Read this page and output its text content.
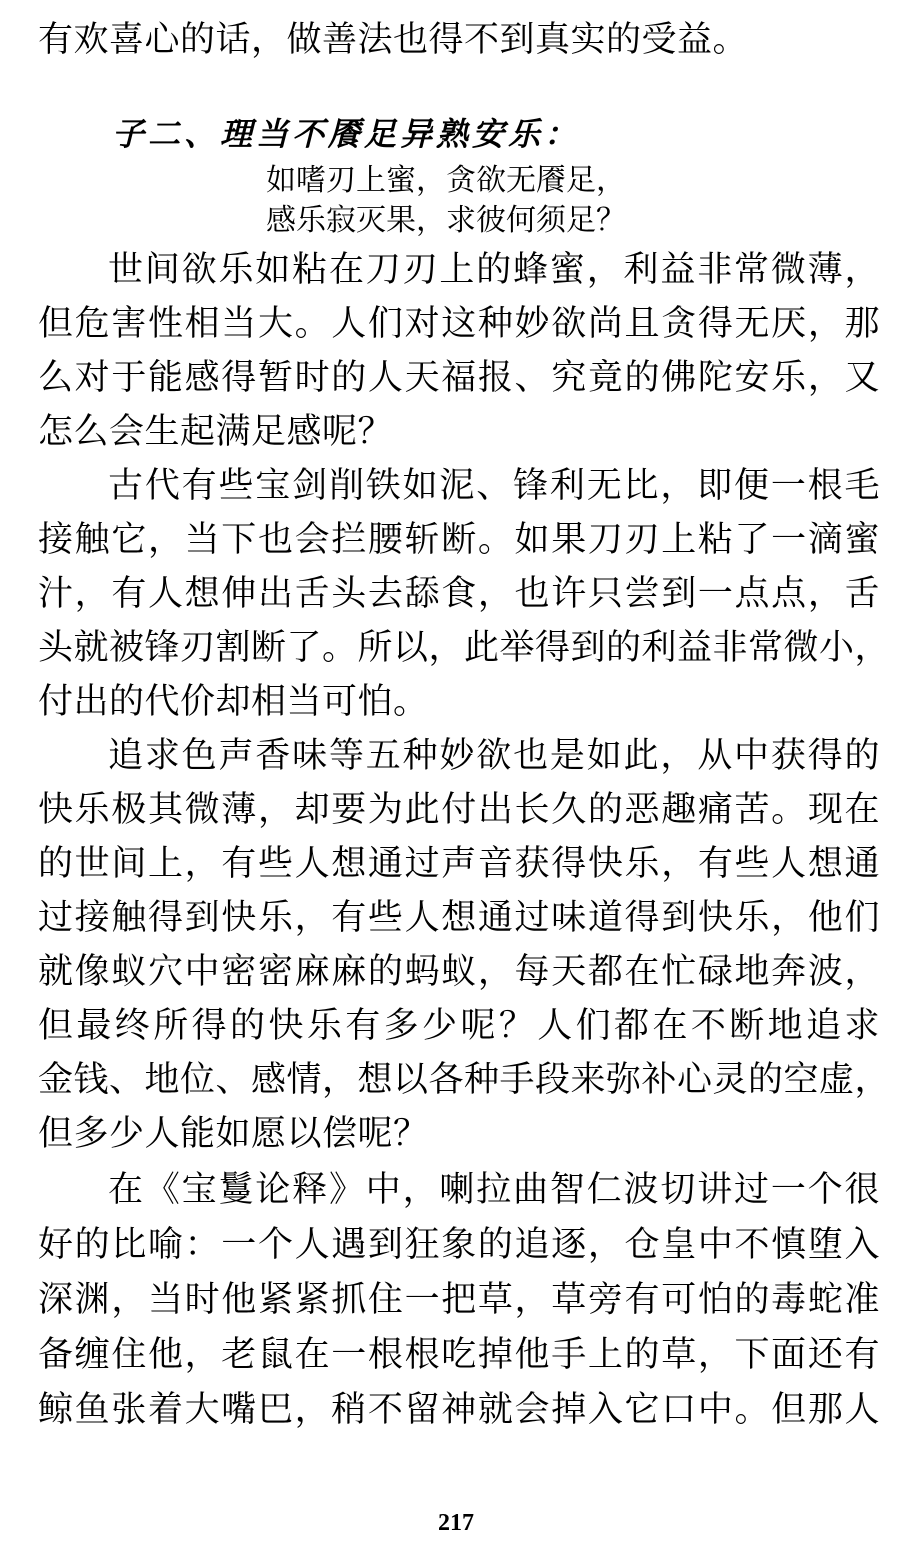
有欢喜心的话，做善法也得不到真实的受益。
子二、理当不餍足异熟安乐：
如嗜刃上蜜，贪欲无餍足，
感乐寂灭果，求彼何须足？
世间欲乐如粘在刀刃上的蜂蜜，利益非常微薄，
但危害性相当大。人们对这种妙欲尚且贪得无厌，那
么对于能感得暂时的人天福报、究竟的佛陀安乐，又
怎么会生起满足感呢？
古代有些宝剑削铁如泥、锋利无比，即便一根毛
接触它，当下也会拦腰斩断。如果刀刃上粘了一滴蜜
汁，有人想伸出舌头去舔食，也许只尝到一点点，舌
头就被锋刃割断了。所以，此举得到的利益非常微小，
付出的代价却相当可怕。
追求色声香味等五种妙欲也是如此，从中获得的
快乐极其微薄，却要为此付出长久的恶趣痛苦。现在
的世间上，有些人想通过声音获得快乐，有些人想通
过接触得到快乐，有些人想通过味道得到快乐，他们
就像蚁穴中密密麻麻的蚂蚁，每天都在忙碌地奔波，
但最终所得的快乐有多少呢？人们都在不断地追求
金钱、地位、感情，想以各种手段来弥补心灵的空虚，
但多少人能如愿以偿呢？
在《宝鬘论释》中，喇拉曲智仁波切讲过一个很
好的比喻：一个人遇到狂象的追逐，仓皇中不慎堕入
深渊，当时他紧紧抓住一把草，草旁有可怕的毒蛇准
备缠住他，老鼠在一根根吃掉他手上的草，下面还有
鲸鱼张着大嘴巴，稍不留神就会掉入它口中。但那人
217
